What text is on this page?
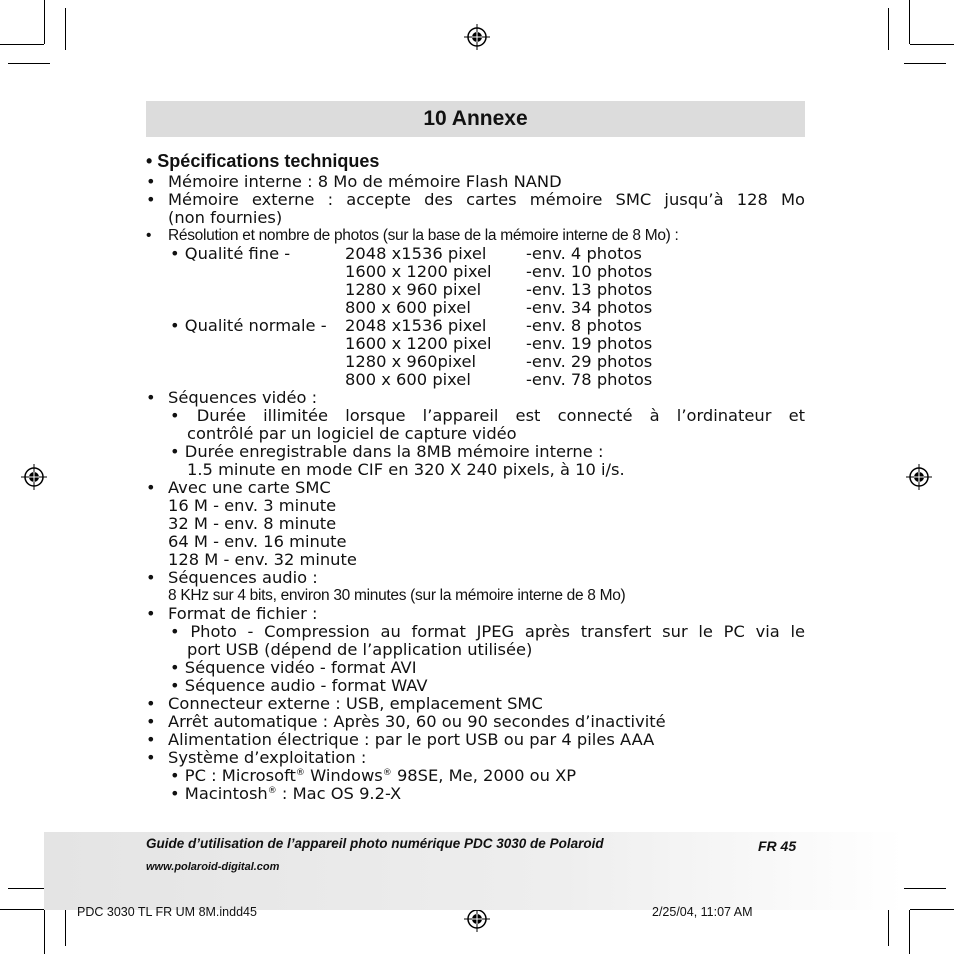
10 Annexe
• Spécifications techniques
• Mémoire interne : 8 Mo de mémoire Flash NAND
• Mémoire externe : accepte des cartes mémoire SMC jusqu’à 128 Mo
(non fournies)
• Résolution et nombre de photos (sur la base de la mémoire interne de 8 Mo) :
• Qualité fine -	2048 x1536 pixel -env. 4 photos
1600 x 1200 pixel -env. 10 photos
1280 x 960 pixel	-env. 13 photos
800 x 600 pixel	-env. 34 photos
• Qualité normale - 2048 x1536 pixel -env. 8 photos
1600 x 1200 pixel -env. 19 photos
1280 x 960pixel	-env. 29 photos
800 x 600 pixel	-env. 78 photos
• Séquences vidéo :
• Durée illimitée lorsque l’appareil est connecté à l’ordinateur et
contrôlé par un logiciel de capture vidéo
• Durée enregistrable dans la 8MB mémoire interne :
1.5 minute en mode CIF en 320 X 240 pixels, à 10 i/s.
• Avec une carte SMC
16 M - env. 3 minute
32 M - env. 8 minute
64 M - env. 16 minute
128 M - env. 32 minute
• Séquences audio :
8 KHz sur 4 bits, environ 30 minutes (sur la mémoire interne de 8 Mo)
• Format de fichier :
• Photo - Compression au format JPEG après transfert sur le PC via le
port USB (dépend de l’application utilisée)
• Séquence vidéo - format AVI
• Séquence audio - format WAV
• Connecteur externe : USB, emplacement SMC
• Arrêt automatique : Après 30, 60 ou 90 secondes d’inactivité
• Alimentation électrique : par le port USB ou par 4 piles AAA
• Système d’exploitation :
• PC : Microsoft® Windows® 98SE, Me, 2000 ou XP
• Macintosh® : Mac OS 9.2-X
Guide d’utilisation de l’appareil photo numérique PDC 3030 de Polaroid	FR 45
www.polaroid-digital.com
PDC 3030 TL FR UM 8M.indd45	2/25/04, 11:07 AM
